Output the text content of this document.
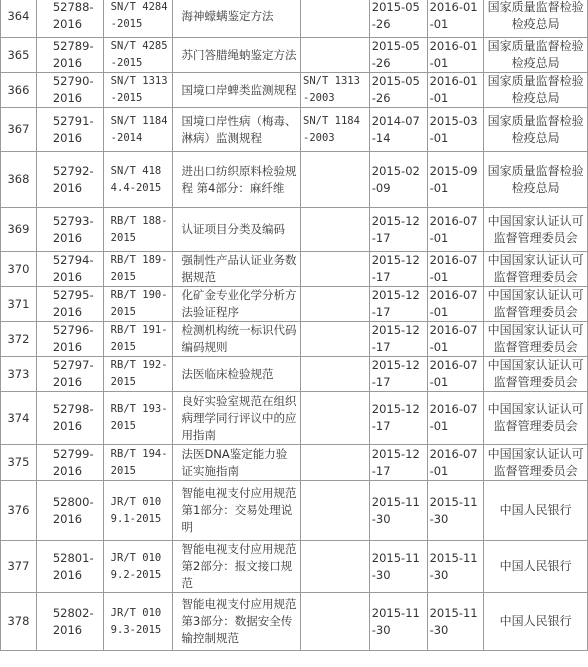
364	52788-2016	SN/T 4284-2015	海神蠓螨鉴定方法		2015-05-26	2016-01-01	国家质量监督检验检疫总局
365	52789-2016	SN/T 4285-2015	苏门答腊绳蚋鉴定方法		2015-05-26	2016-01-01	国家质量监督检验检疫总局
366	52790-2016	SN/T 1313-2015	国境口岸蜱类监测规程	SN/T 1313-2003	2015-05-26	2016-01-01	国家质量监督检验检疫总局
367	52791-2016	SN/T 1184-2014	国境口岸性病（梅毒、淋病）监测规程	SN/T 1184-2003	2014-07-14	2015-03-01	国家质量监督检验检疫总局
368	52792-2016	SN/T 4184.4-2015	进出口纺织原料检验规程 第4部分：麻纤维		2015-02-09	2015-09-01	国家质量监督检验检疫总局
369	52793-2016	RB/T 188-2015	认证项目分类及编码		2015-12-17	2016-07-01	中国国家认证认可监督管理委员会
370	52794-2016	RB/T 189-2015	强制性产品认证业务数据规范		2015-12-17	2016-07-01	中国国家认证认可监督管理委员会
371	52795-2016	RB/T 190-2015	化矿金专业化学分析方法验证程序		2015-12-17	2016-07-01	中国国家认证认可监督管理委员会
372	52796-2016	RB/T 191-2015	检测机构统一标识代码编码规则		2015-12-17	2016-07-01	中国国家认证认可监督管理委员会
373	52797-2016	RB/T 192-2015	法医临床检验规范		2015-12-17	2016-07-01	中国国家认证认可监督管理委员会
374	52798-2016	RB/T 193-2015	良好实验室规范在组织病理学同行评议中的应用指南		2015-12-17	2016-07-01	中国国家认证认可监督管理委员会
375	52799-2016	RB/T 194-2015	法医DNA鉴定能力验证实施指南		2015-12-17	2016-07-01	中国国家认证认可监督管理委员会
376	52800-2016	JR/T 0109.1-2015	智能电视支付应用规范 第1部分：交易处理说明		2015-11-30	2015-11-30	中国人民银行
377	52801-2016	JR/T 0109.2-2015	智能电视支付应用规范 第2部分：报文接口规范		2015-11-30	2015-11-30	中国人民银行
378	52802-2016	JR/T 0109.3-2015	智能电视支付应用规范 第3部分：数据安全传输控制规范		2015-11-30	2015-11-30	中国人民银行
